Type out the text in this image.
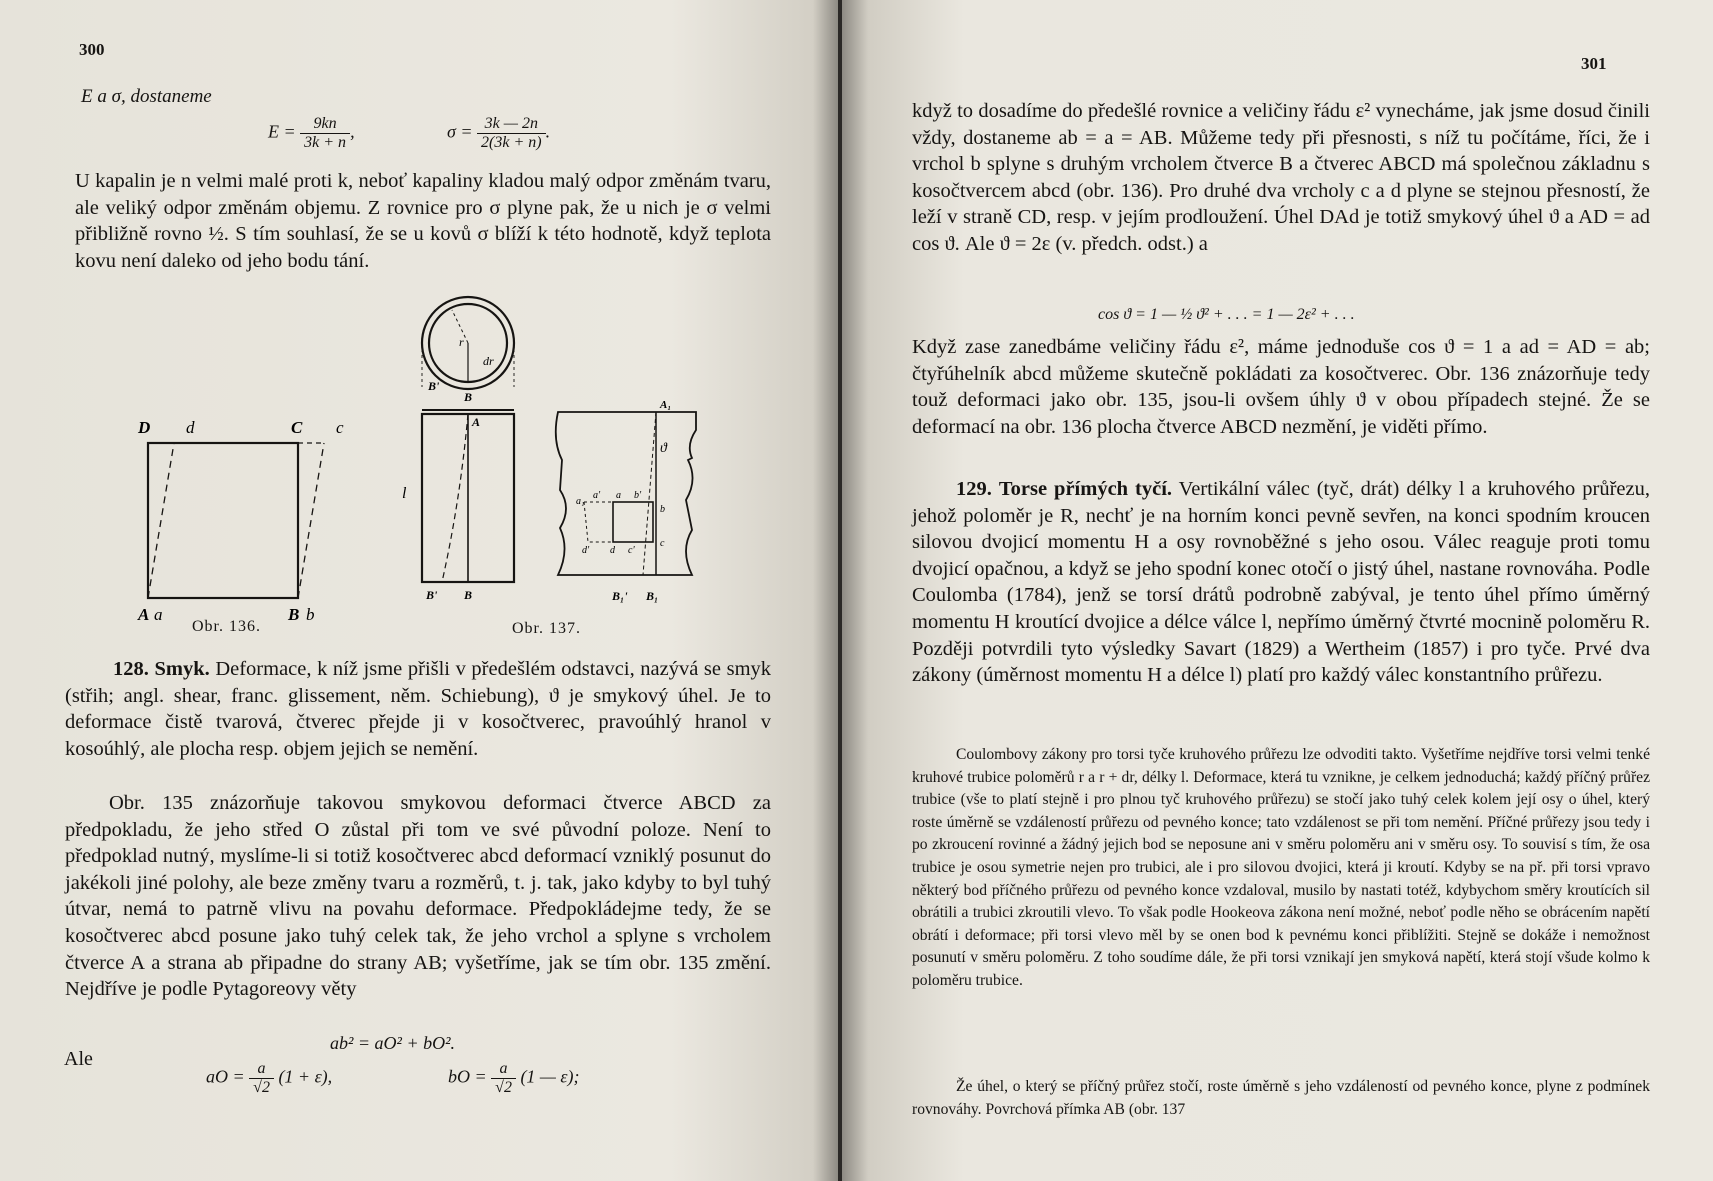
300
E a σ, dostaneme
$E = \frac{9kn}{3k + n}$ ,	$\sigma = \frac{3k — 2n}{2(3k + n)}$ .

U kapalin je n velmi malé proti k, neboť kapaliny kladou malý odpor změnám tvaru, ale veliký odpor změnám objemu. Z rovnice pro σ plyne pak, že u nich je σ velmi přibližně rovno ½. S tím souhlasí, že se u kovů σ blíží k této hodnotě, když teplota kovu není daleko od jeho bodu tání.

D d	C c
A a	B b
Obr. 136.
r
dr
B'
B
A
l
B' B
A₁
ϑ
a₁
a' a b'
b
d' d c'
c
B₁' B₁
Obr. 137.

128. Smyk. Deformace, k níž jsme přišli v předešlém odstavci, nazývá se smyk (střih; angl. shear, franc. glissement, něm. Schiebung), ϑ je smykový úhel. Je to deformace čistě tvarová, čtverec přejde ji v kosočtverec, pravoúhlý hranol v kosoúhlý, ale plocha resp. objem jejich se nemění.

Obr. 135 znázorňuje takovou smykovou deformaci čtverce ABCD za předpokladu, že jeho střed O zůstal při tom ve své původní poloze. Není to předpoklad nutný, myslíme-li si totiž kosočtverec abcd deformací vzniklý posunut do jakékoli jiné polohy, ale beze změny tvaru a rozměrů, t. j. tak, jako kdyby to byl tuhý útvar, nemá to patrně vlivu na povahu deformace. Předpokládejme tedy, že se kosočtverec abcd posune jako tuhý celek tak, že jeho vrchol a splyne s vrcholem čtverce A a strana ab připadne do strany AB; vyšetříme, jak se tím obr. 135 změní. Nejdříve je podle Pytagoreovy věty

ab² = aO² + bO².
Ale
aO = $\frac{a}{√2} (1 + \varepsilon)$,	bO = $\frac{a}{√2} (1$ — ε);
301

když to dosadíme do předešlé rovnice a veličiny řádu ε² vynecháme, jak jsme dosud činili vždy, dostaneme ab = a = AB. Můžeme tedy při přesnosti, s níž tu počítáme, říci, že i vrchol b splyne s druhým vrcholem čtverce B a čtverec ABCD má společnou základnu s kosočtvercem abcd (obr. 136). Pro druhé dva vrcholy c a d plyne se stejnou přesností, že leží v straně CD, resp. v jejím prodloužení. Úhel DAd je totiž smykový úhel ϑ a AD = ad cos ϑ. Ale ϑ = 2ε (v. předch. odst.) a

cos ϑ = 1 — ½ ϑ² + . . . = 1 — 2ε² + . . .

Když zase zanedbáme veličiny řádu ε², máme jednoduše cos ϑ = 1 a ad = AD = ab; čtyřúhelník abcd můžeme skutečně pokládati za kosočtverec. Obr. 136 znázorňuje tedy touž deformaci jako obr. 135, jsou-li ovšem úhly ϑ v obou případech stejné. Že se deformací na obr. 136 plocha čtverce ABCD nezmění, je viděti přímo.

129. Torse přímých tyčí. Vertikální válec (tyč, drát) délky l a kruhového průřezu, jehož poloměr je R, nechť je na horním konci pevně sevřen, na konci spodním kroucen silovou dvojicí momentu H a osy rovnoběžné s jeho osou. Válec reaguje proti tomu dvojicí opačnou, a když se jeho spodní konec otočí o jistý úhel, nastane rovnováha. Podle Coulomba (1784), jenž se torsí drátů podrobně zabýval, je tento úhel přímo úměrný momentu H kroutící dvojice a délce válce l, nepřímo úměrný čtvrté mocnině poloměru R. Později potvrdili tyto výsledky Savart (1829) a Wertheim (1857) i pro tyče. Prvé dva zákony (úměrnost momentu H a délce l) platí pro každý válec konstantního průřezu.

Coulombovy zákony pro torsi tyče kruhového průřezu lze odvoditi takto. Vyšetříme nejdříve torsi velmi tenké kruhové trubice poloměrů r a r + dr, délky l. Deformace, která tu vznikne, je celkem jednoduchá; každý příčný průřez trubice (vše to platí stejně i pro plnou tyč kruhového průřezu) se stočí jako tuhý celek kolem její osy o úhel, který roste úměrně se vzdáleností průřezu od pevného konce; tato vzdálenost se při tom nemění. Příčné průřezy jsou tedy i po zkroucení rovinné a žádný jejich bod se neposune ani v směru poloměru ani v směru osy. To souvisí s tím, že osa trubice je osou symetrie nejen pro trubici, ale i pro silovou dvojici, která ji kroutí. Kdyby se na př. při torsi vpravo některý bod příčného průřezu od pevného konce vzdaloval, musilo by nastati totéž, kdybychom směry kroutících sil obrátili a trubici zkroutili vlevo. To však podle Hookeova zákona není možné, neboť podle něho se obrácením napětí obrátí i deformace; při torsi vlevo měl by se onen bod k pevnému konci přiblížiti. Stejně se dokáže i nemožnost posunutí v směru poloměru. Z toho soudíme dále, že při torsi vznikají jen smyková napětí, která stojí všude kolmo k poloměru trubice.

Že úhel, o který se příčný průřez stočí, roste úměrně s jeho vzdáleností od pevného konce, plyne z podmínek rovnováhy. Povrchová přímka AB (obr. 137
